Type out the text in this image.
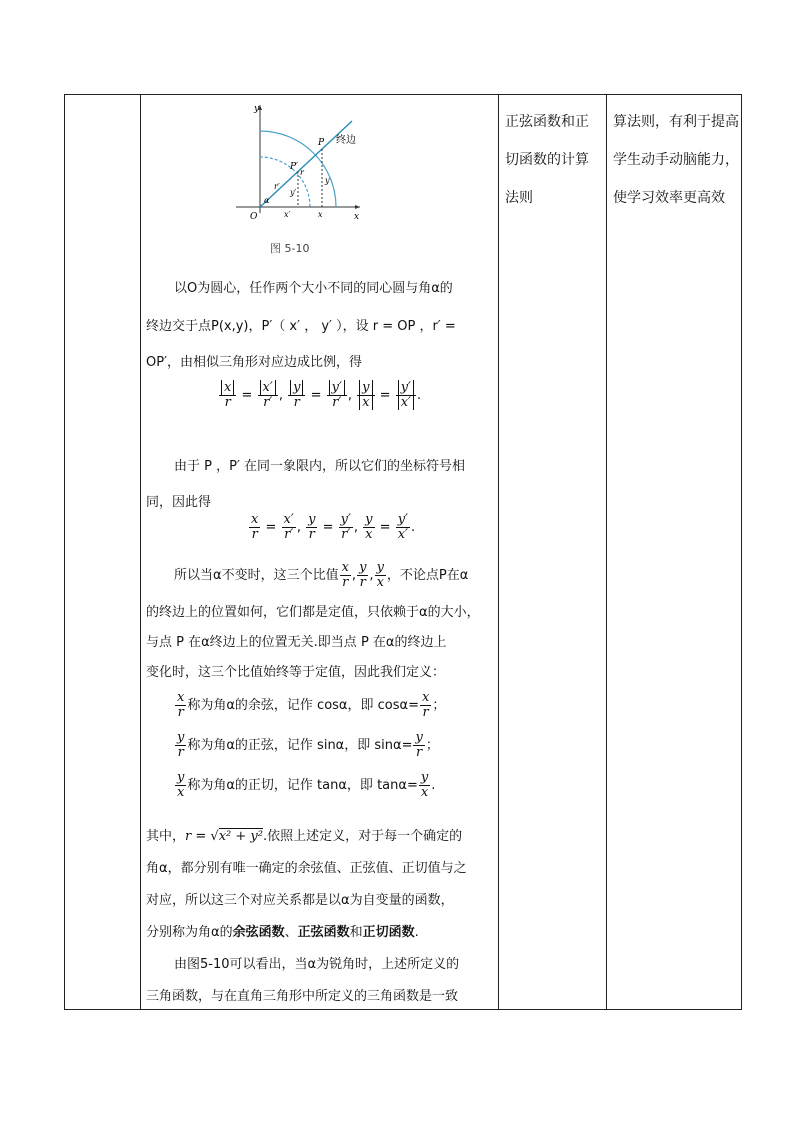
正弦函数和正
切函数的计算
法则
算法则，有利于提高
学生动手动脑能力，
使学习效率更高效
y
x
O
P
P′
终边
r
r′
y
y′
x
x′
α
图 5-10
以O为圆心，任作两个大小不同的同心圆与角α的
终边交于点P(x,y)，P′（ x′ ， y′ ），设 r = OP ，r′ =
OP′，由相似三角形对应边成比例，得
$\frac{x}{r} = \frac{x'}{r'}$ , $\frac{y}{r} = \frac{y'}{r'}$ , $\frac{y}{x} = \frac{y'}{x'}$ .
由于 P ，P′ 在同一象限内，所以它们的坐标符号相
同，因此得
$\frac{x}{r} = \frac{x'}{r'}$ , $\frac{y}{r} = \frac{y'}{r'}$ , $\frac{y}{x} = \frac{y'}{x'}$ .
所以当α不变时，这三个比值 $\frac{x}{r}$ , $\frac{y}{r}$ , $\frac{y}{x}$ ，不论点P在α
的终边上的位置如何，它们都是定值，只依赖于α的大小，
与点 P 在α终边上的位置无关.即当点 P 在α的终边上
变化时，这三个比值始终等于定值，因此我们定义：
$\frac{x}{r}$ 称为角α的余弦，记作 cosα，即 $\cos\alpha= \frac{x}{r}$ ；
$\frac{y}{r}$ 称为角α的正弦，记作 sinα，即 $\sin\alpha= \frac{y}{r}$ ；
$\frac{y}{x}$ 称为角α的正切，记作 tanα，即 $\tan\alpha= \frac{y}{x}$ .
其中，r = √x² + y².依照上述定义，对于每一个确定的
角α，都分别有唯一确定的余弦值、正弦值、正切值与之
对应，所以这三个对应关系都是以α为自变量的函数，
分别称为角α的余弦函数、正弦函数和正切函数.
由图5-10可以看出，当α为锐角时，上述所定义的
三角函数，与在直角三角形中所定义的三角函数是一致
